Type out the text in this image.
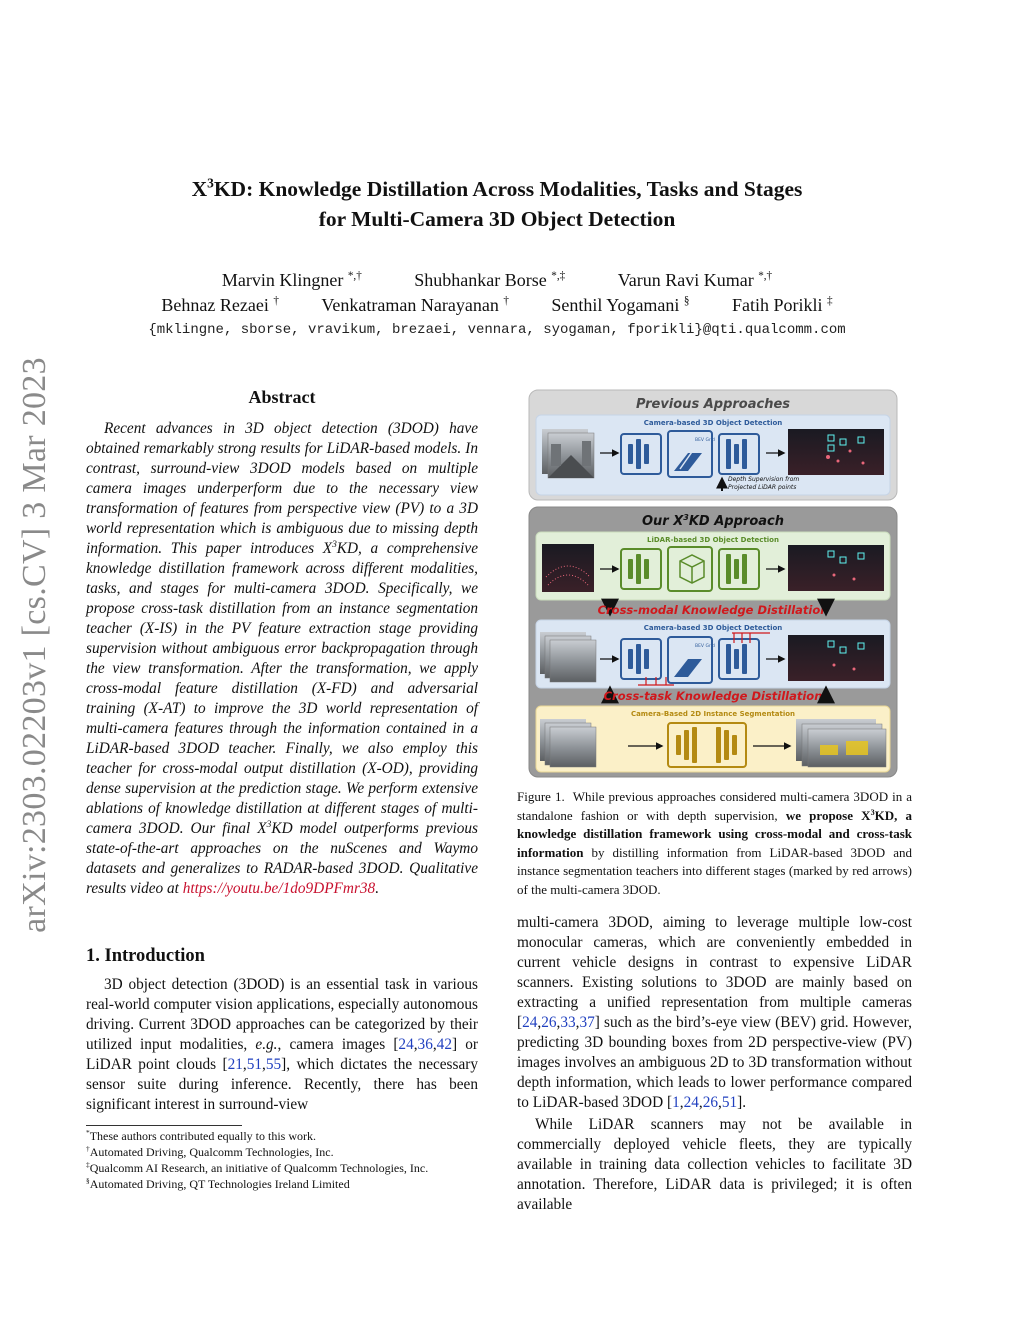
arXiv:2303.02203v1 [cs.CV] 3 Mar 2023
$X^3KD$: Knowledge Distillation Across Modalities, Tasks and Stages
for Multi-Camera 3D Object Detection
Marvin Klingner *,†	Shubhankar Borse *,‡	Varun Ravi Kumar *,†
Behnaz Rezaei † Venkatraman Narayanan † Senthil Yogamani § Fatih Porikli ‡
{mklingne, sborse, vravikum, brezaei, vennara, syogaman, fporikli}@qti.qualcomm.com
Abstract
Recent advances in 3D object detection (3DOD) have obtained remarkably strong results for LiDAR-based models. In contrast, surround-view 3DOD models based on multiple camera images underperform due to the necessary view transformation of features from perspective view (PV) to a 3D world representation which is ambiguous due to missing depth information. This paper introduces $X^3KD$, a comprehensive knowledge distillation framework across different modalities, tasks, and stages for multi-camera 3DOD. Specifically, we propose cross-task distillation from an instance segmentation teacher (X-IS) in the PV feature extraction stage providing supervision without ambiguous error backpropagation through the view transformation. After the transformation, we apply cross-modal feature distillation (X-FD) and adversarial training (X-AT) to improve the 3D world representation of multi-camera features through the information contained in a LiDAR-based 3DOD teacher. Finally, we also employ this teacher for cross-modal output distillation (X-OD), providing dense supervision at the prediction stage. We perform extensive ablations of knowledge distillation at different stages of multi-camera 3DOD. Our final $X^3KD$ model outperforms previous state-of-the-art approaches on the nuScenes and Waymo datasets and generalizes to RADAR-based 3DOD. Qualitative results video at https://youtu.be/1do9DPFmr38.
1. Introduction
3D object detection (3DOD) is an essential task in various real-world computer vision applications, especially autonomous driving. Current 3DOD approaches can be categorized by their utilized input modalities, e.g., camera images [24,36,42] or LiDAR point clouds [21,51,55], which dictates the necessary sensor suite during inference. Recently, there has been significant interest in surround-view
*These authors contributed equally to this work.
†Automated Driving, Qualcomm Technologies, Inc.
‡Qualcomm AI Research, an initiative of Qualcomm Technologies, Inc.
§Automated Driving, QT Technologies Ireland Limited
Previous Approaches
Camera-based 3D Object Detection
BEV Grid
Depth Supervision from
Projected LiDAR points
Our $X^3KD$ Approach
LiDAR-based 3D Object Detection
Cross-modal Knowledge Distillation
Camera-based 3D Object Detection
BEV Grid
Cross-task Knowledge Distillation
Camera-Based 2D Instance Segmentation
Figure 1. While previous approaches considered multi-camera 3DOD in a standalone fashion or with depth supervision, we propose $X^3KD$, a knowledge distillation framework using cross-modal and cross-task information by distilling information from LiDAR-based 3DOD and instance segmentation teachers into different stages (marked by red arrows) of the multi-camera 3DOD.

multi-camera 3DOD, aiming to leverage multiple low-cost monocular cameras, which are conveniently embedded in current vehicle designs in contrast to expensive LiDAR scanners. Existing solutions to 3DOD are mainly based on extracting a unified representation from multiple cameras [24,26,33,37] such as the bird’s-eye view (BEV) grid. However, predicting 3D bounding boxes from 2D perspective-view (PV) images involves an ambiguous 2D to 3D transformation without depth information, which leads to lower performance compared to LiDAR-based 3DOD [1,24,26,51].

While LiDAR scanners may not be available in commercially deployed vehicle fleets, they are typically available in training data collection vehicles to facilitate 3D annotation. Therefore, LiDAR data is privileged; it is often available
